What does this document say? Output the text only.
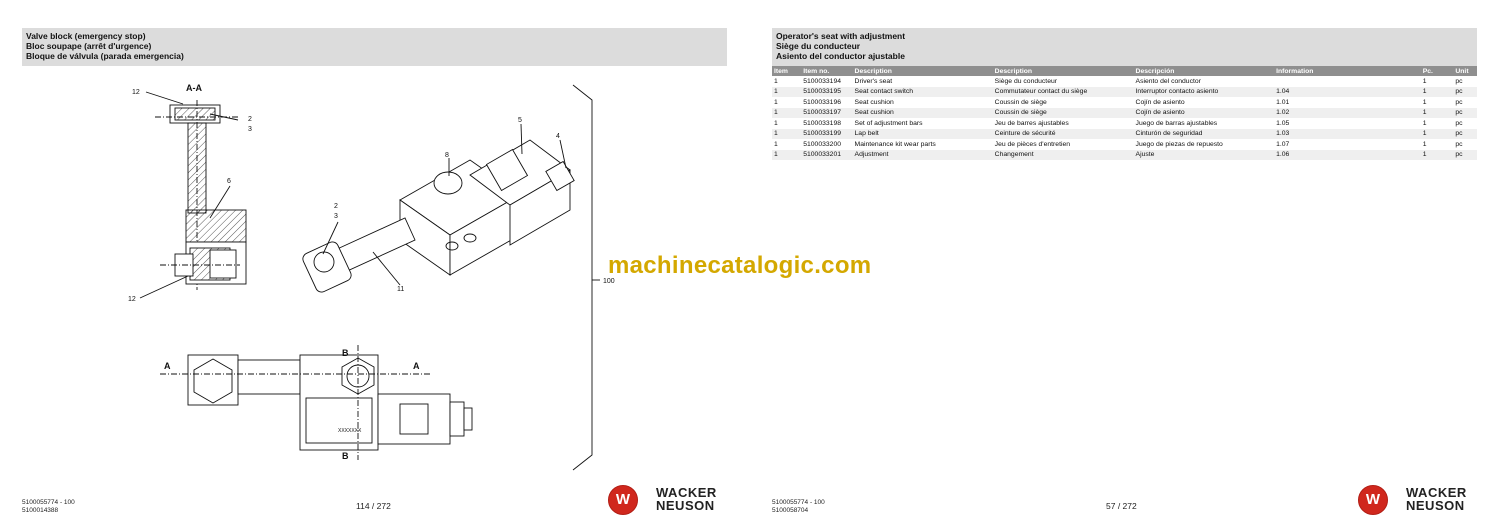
Valve block (emergency stop)
Bloc soupape (arrêt d'urgence)
Bloque de válvula (parada emergencia)
A-A
A	A
B
B
12
2
3
6
12
8
5
4
2
3
11
100
XXXXXXX
5100055774 - 100
5100014388	114 / 272	W	WACKER
NEUSON
Operator's seat with adjustment
Siège du conducteur
Asiento del conductor ajustable
5100055774 - 100
5100058704	57 / 272	W	WACKER
NEUSON
Item	Item no.	Description	Description	Descripción	Information	Pc.	Unit
1	5100033194	Driver's seat	Siège du conducteur	Asiento del conductor		1	pc
1	5100033195	Seat contact switch	Commutateur contact du siège	Interruptor contacto asiento	1.04	1	pc
1	5100033196	Seat cushion	Coussin de siège	Cojín de asiento	1.01	1	pc
1	5100033197	Seat cushion	Coussin de siège	Cojín de asiento	1.02	1	pc
1	5100033198	Set of adjustment bars	Jeu de barres ajustables	Juego de barras ajustables	1.05	1	pc
1	5100033199	Lap belt	Ceinture de sécurité	Cinturón de seguridad	1.03	1	pc
1	5100033200	Maintenance kit wear parts	Jeu de pièces d'entretien	Juego de piezas de repuesto	1.07	1	pc
1	5100033201	Adjustment	Changement	Ajuste	1.06	1	pc
machinecatalogic.com
